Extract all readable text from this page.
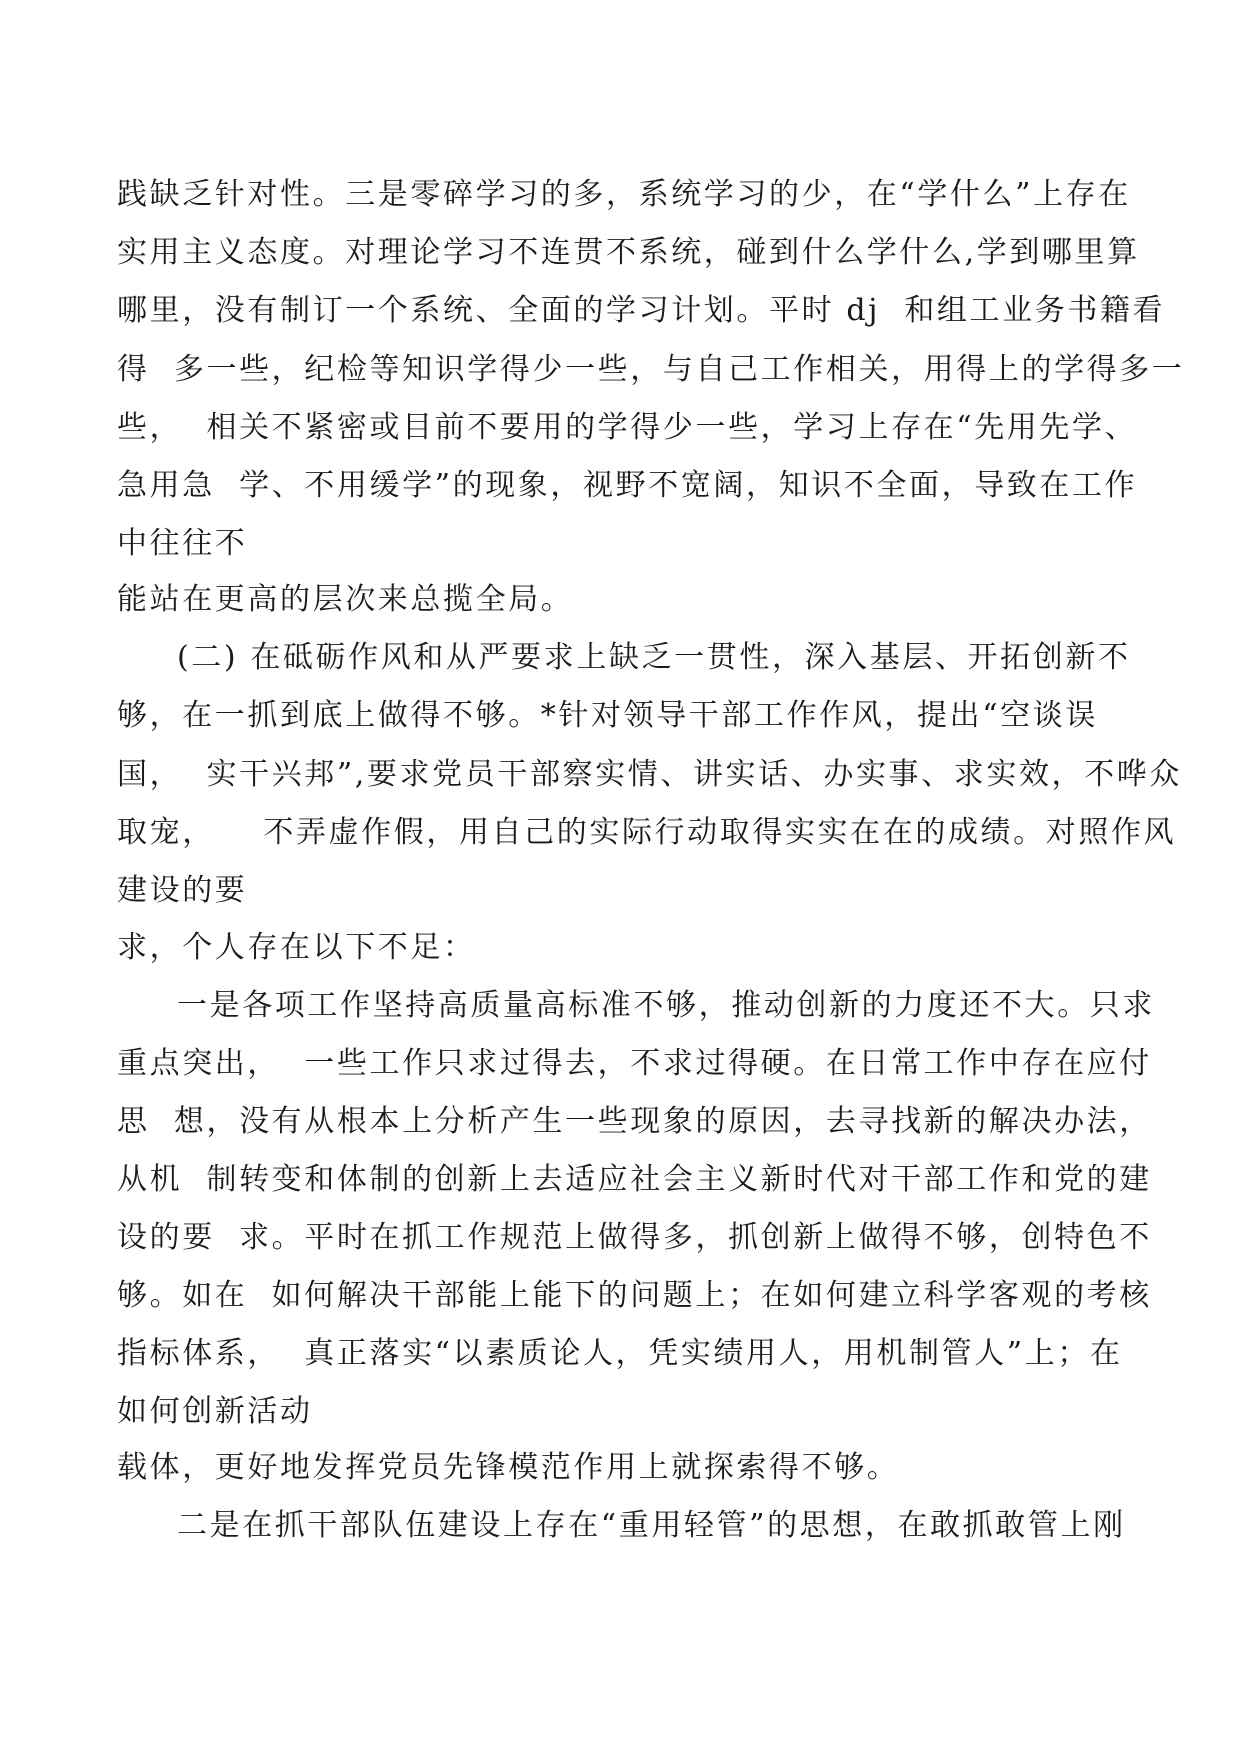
践缺乏针对性。三是零碎学习的多，系统学习的少，在“学什么”上存在

实用主义态度。对理论学习不连贯不系统，碰到什么学什么,学到哪里算

哪里，没有制订一个系统、全面的学习计划。平时 dj  和组工业务书籍看

得  多一些，纪检等知识学得少一些，与自己工作相关，用得上的学得多一

些，  相关不紧密或目前不要用的学得少一些，学习上存在“先用先学、

急用急  学、不用缓学”的现象，视野不宽阔，知识不全面，导致在工作

中往往不

能站在更高的层次来总揽全局。

(二) 在砥砺作风和从严要求上缺乏一贯性，深入基层、开拓创新不

够，在一抓到底上做得不够。*针对领导干部工作作风，提出“空谈误

国，  实干兴邦”,要求党员干部察实情、讲实话、办实事、求实效，不哗众

取宠，    不弄虚作假，用自己的实际行动取得实实在在的成绩。对照作风

建设的要

求，个人存在以下不足：

一是各项工作坚持高质量高标准不够，推动创新的力度还不大。只求

重点突出，  一些工作只求过得去，不求过得硬。在日常工作中存在应付

思  想，没有从根本上分析产生一些现象的原因，去寻找新的解决办法，

从机  制转变和体制的创新上去适应社会主义新时代对干部工作和党的建

设的要  求。平时在抓工作规范上做得多，抓创新上做得不够，创特色不

够。如在  如何解决干部能上能下的问题上；在如何建立科学客观的考核

指标体系，  真正落实“以素质论人，凭实绩用人，用机制管人”上；在

如何创新活动

载体，更好地发挥党员先锋模范作用上就探索得不够。

二是在抓干部队伍建设上存在“重用轻管”的思想，在敢抓敢管上刚
